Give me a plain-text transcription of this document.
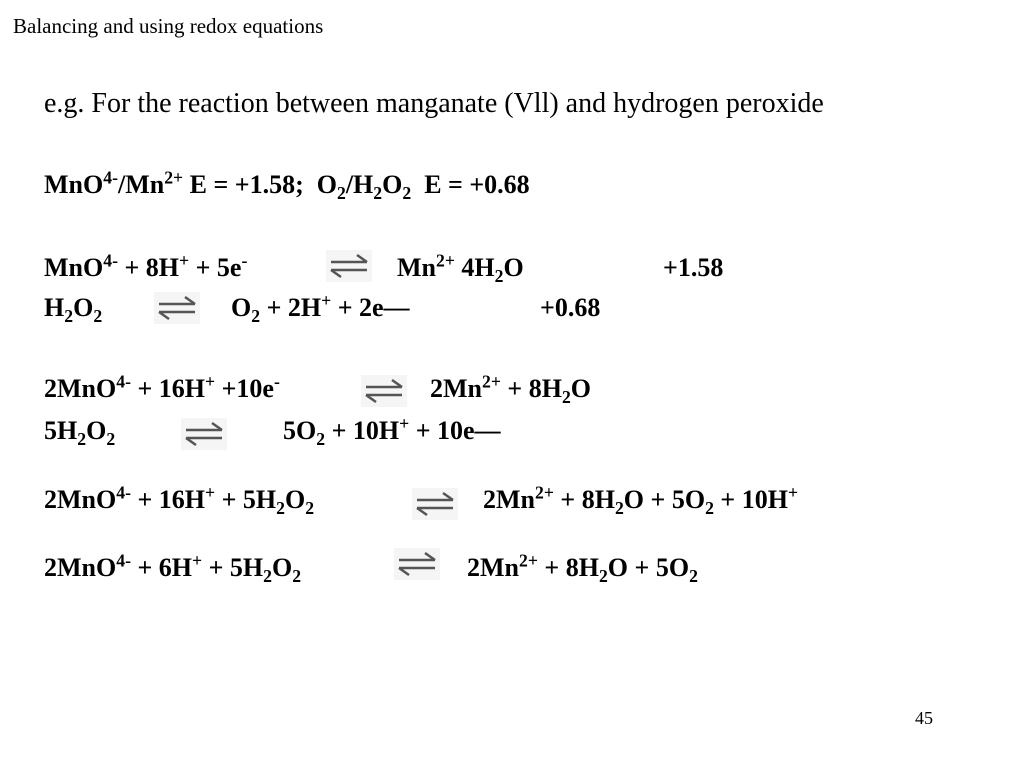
Balancing and using redox equations
e.g. For the reaction between manganate (Vll) and hydrogen peroxide
$MnO^{4-}/Mn^{2+}$ E = +1.58; $O_2/H_2O_2$ E = +0.68
MnO$^{4-}$ + 8H+ + 5e-	$Mn^{2+}$ $4H_2O$	+1.58
$H_2O_2$	$O_2 + 2H^+$ + 2e―	+0.68
2MnO$^{4-}$ + 16H+ +10e-	$2Mn^{2+} + 8H_2O$
$5H_2O_2$	$5O_2 + 10H^+$ + 10e―
$2MnO^{4-} + 16H^+ + 5H_2O_2$	$2Mn^{2+} + 8H_2O + 5O_2 + 10H^+$
$2MnO^{4-} + 6H^+ + 5H_2O_2$	$2Mn^{2+} + 8H_2O + 5O_2$
45
